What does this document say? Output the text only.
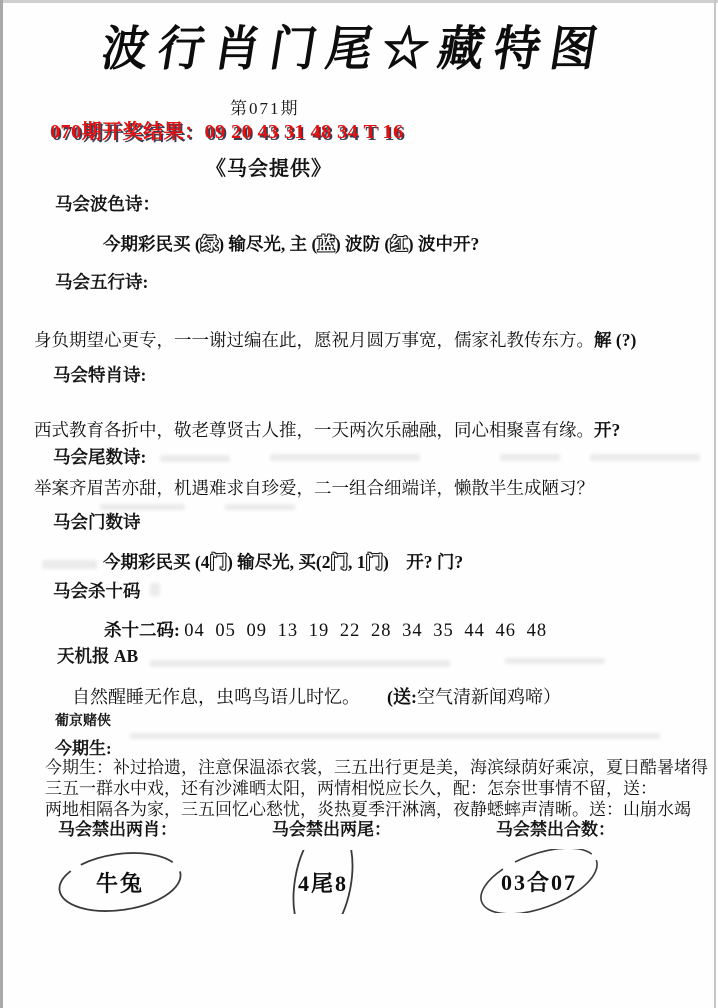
波行肖门尾☆藏特图
第071期
070期开奖结果：09 20 43 31 48 34 T 16
《马会提供》
马会波色诗：
今期彩民买 (绿) 输尽光, 主 (蓝) 波防 (红) 波中开?
马会五行诗:
身负期望心更专，一一谢过编在此，愿祝月圆万事宽，儒家礼教传东方。解 (?)
马会特肖诗:
西式教育各折中，敬老尊贤古人推，一天两次乐融融，同心相聚喜有缘。开?
马会尾数诗:
举案齐眉苦亦甜，机遇难求自珍爱，二一组合细端详，懒散半生成陋习？
马会门数诗
今期彩民买 (4门) 输尽光, 买(2门, 1门)　开? 门?
马会杀十码
杀十二码: 04 05 09 13 19 22 28 34 35 44 46 48
天机报 AB
自然醒睡无作息，虫鸣鸟语儿时忆。　　(送:空气清新闻鸡啼）
葡京赌侠
今期生:
今期生：补过拾遗，注意保温添衣裳，三五出行更是美，海滨绿荫好乘凉，夏日酷暑堵得
三五一群水中戏，还有沙滩晒太阳，两情相悦应长久，配：怎奈世事情不留，送：
两地相隔各为家，三五回忆心愁忧，炎热夏季汗淋漓，夜静蟋蟀声清晰。送：山崩水竭
马会禁出两肖：	马会禁出两尾：	马会禁出合数：
牛兔	4尾8	03合07
